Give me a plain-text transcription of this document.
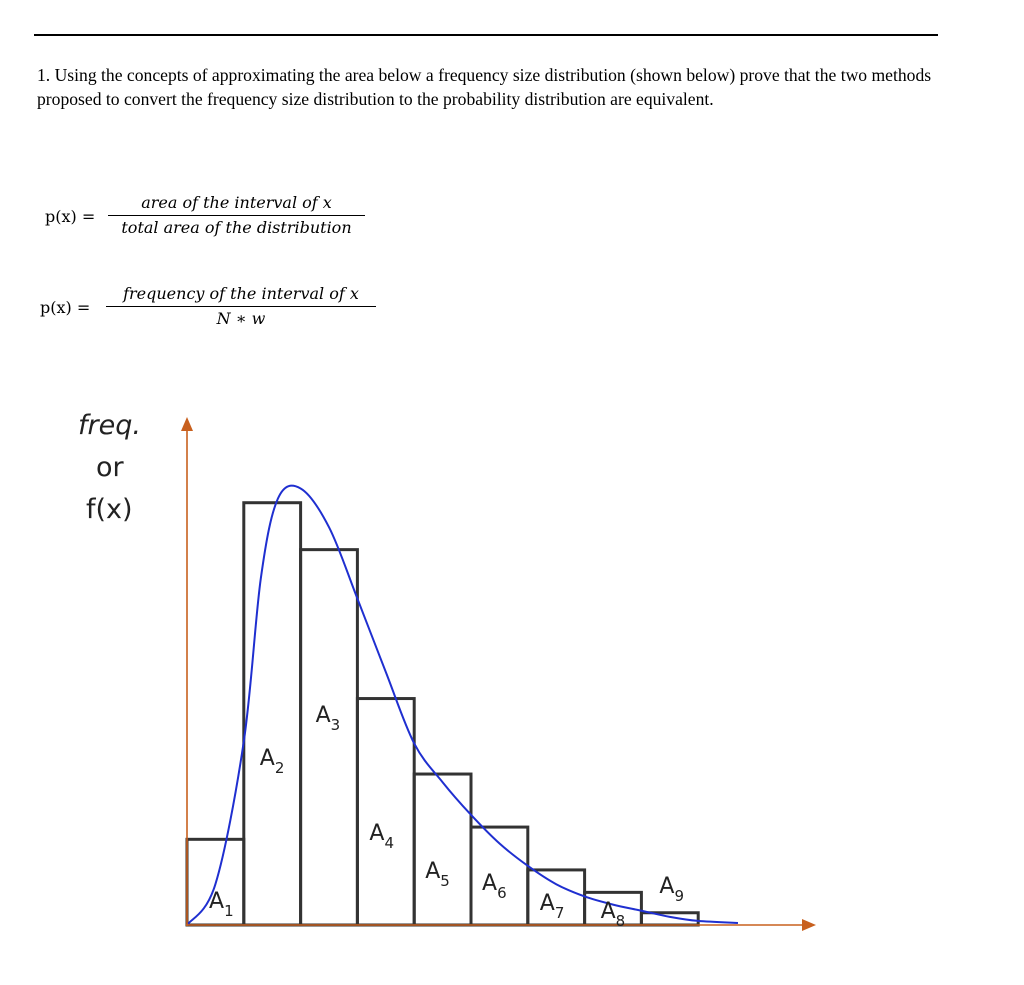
1. Using the concepts of approximating the area below a frequency size distribution (shown below) prove that the two methods proposed to convert the frequency size distribution to the probability distribution are equivalent.

p(x) =
area of the interval of x
total area of the distribution
p(x) =
frequency of the interval of x
N ∗ w
freq.
or
f(x)
$A_1$
$A_2$
$A_3$
$A_4$
$A_5$ $A_6$ $A_7$ $A_8$
$A_9$
